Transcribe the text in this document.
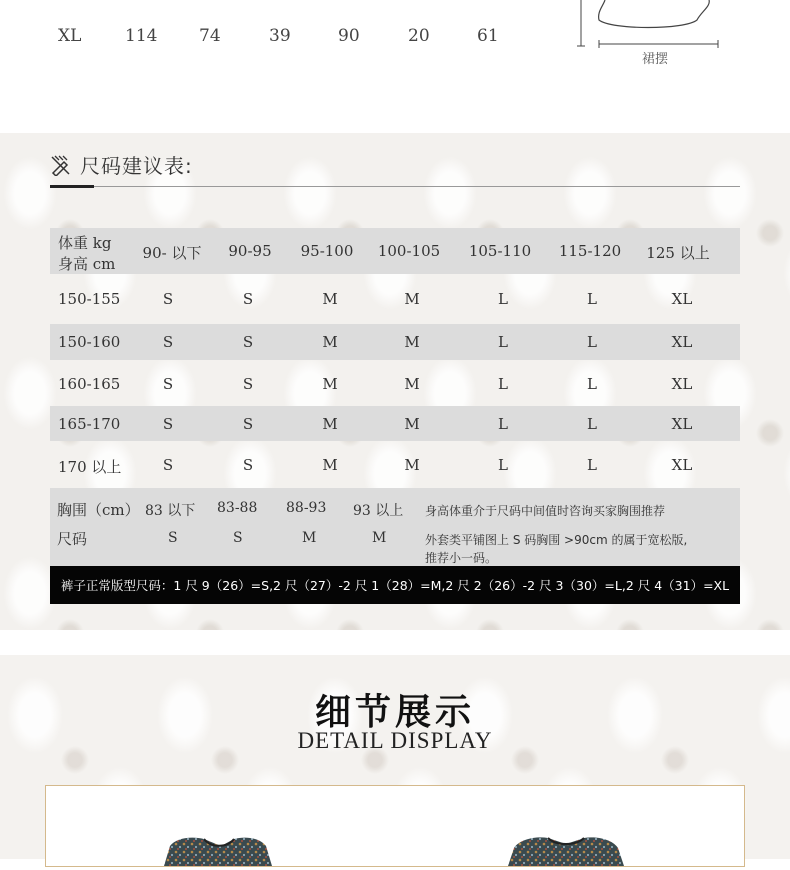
XL	114 74	39	90	20	61
裙摆
尺码建议表:
体重 kg
身高 cm
90- 以下 90-95 95-100 100-105 105-110 115-120 125 以上
150-155	S	S	M	M	L	L	XL
150-160	S	S	M	M	L	L	XL
160-165	S	S	M	M	L	L	XL
165-170	S	S	M	M	L	L	XL
170 以上	S	S	M	M	L	L	XL
胸围（cm） 83 以下 83-88 88-93 93 以上
尺码	S	S	M	M
身高体重介于尺码中间值时咨询买家胸围推荐
外套类平铺图上 S 码胸围 >90cm 的属于宽松版,
推荐小一码。
裤子正常版型尺码：1 尺 9（26）=S,2 尺（27）-2 尺 1（28）=M,2 尺 2（26）-2 尺 3（30）=L,2 尺 4（31）=XL
细节展示
DETAIL DISPLAY
